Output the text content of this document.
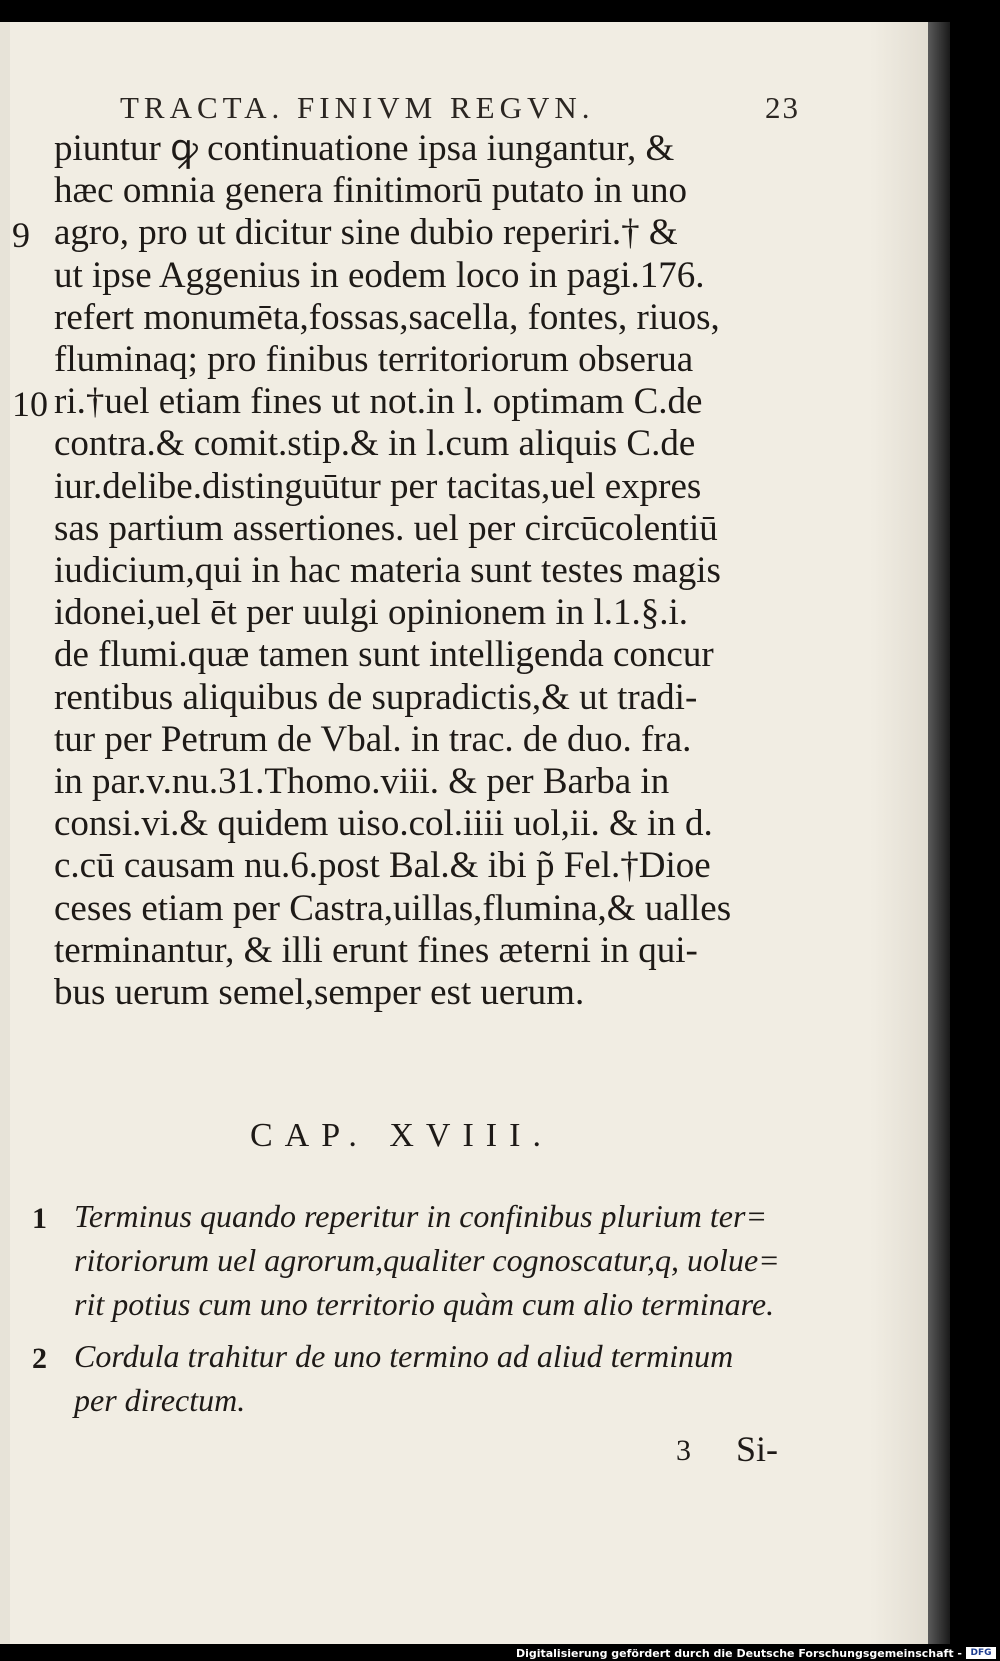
TRACTA. FINIVM REGVN.	23
piuntur ꝙ continuatione ipsa iungantur, &
hæc omnia genera finitimorū putato in uno
agro, pro ut dicitur sine dubio reperiri.† &
ut ipse Aggenius in eodem loco in pagi.176.
refert monumēta,fossas,sacella, fontes, riuos,
fluminaq; pro finibus territoriorum obserua
ri.†uel etiam fines ut not.in l. optimam C.de
contra.& comit.stip.& in l.cum aliquis C.de
iur.delibe.distinguūtur per tacitas,uel expres
sas partium assertiones. uel per circūcolentiū
iudicium,qui in hac materia sunt testes magis
idonei,uel ēt per uulgi opinionem in l.1.§.i.
de flumi.quæ tamen sunt intelligenda concur
rentibus aliquibus de supradictis,& ut tradi-
tur per Petrum de Vbal. in trac. de duo. fra.
in par.v.nu.31.Thomo.viii. & per Barba in
consi.vi.& quidem uiso.col.iiii uol,ii. & in d.
c.cū causam nu.6.post Bal.& ibi p̃ Fel.†Dioe
ceses etiam per Castra,uillas,flumina,& ualles
terminantur, & illi erunt fines æterni in qui-
bus uerum semel,semper est uerum.
9
10
CAP. XVIII.
1 Terminus quando reperitur in confinibus plurium ter=
ritoriorum uel agrorum,qualiter cognoscatur,q, uolue=
rit potius cum uno territorio quàm cum alio terminare.
2 Cordula trahitur de uno termino ad aliud terminum
per directum.
3 Si-
Digitalisierung gefördert durch die Deutsche Forschungsgemeinschaft - DFG
